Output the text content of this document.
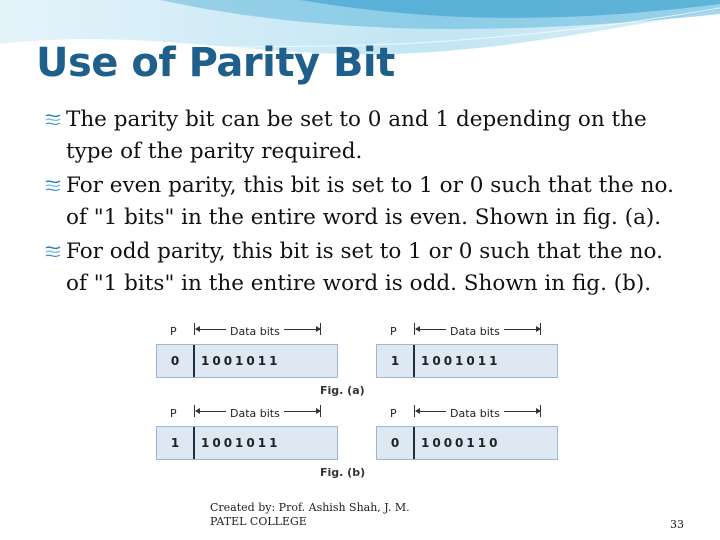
Use of Parity Bit
The parity bit can be set to 0 and 1 depending on the type of the parity required.
For even parity, this bit is set to 1 or 0 such that the no. of "1 bits" in the entire word is even. Shown in fig. (a).
For odd parity, this bit is set to 1 or 0 such that the no. of "1 bits" in the entire word is odd. Shown in fig. (b).
P	Data bits
0	1001011
P	Data bits
1	1001011
Fig. (a)
P	Data bits
1	1001011
P	Data bits
0	1000110
Fig. (b)
Created by: Prof. Ashish Shah, J. M. PATEL COLLEGE	33
